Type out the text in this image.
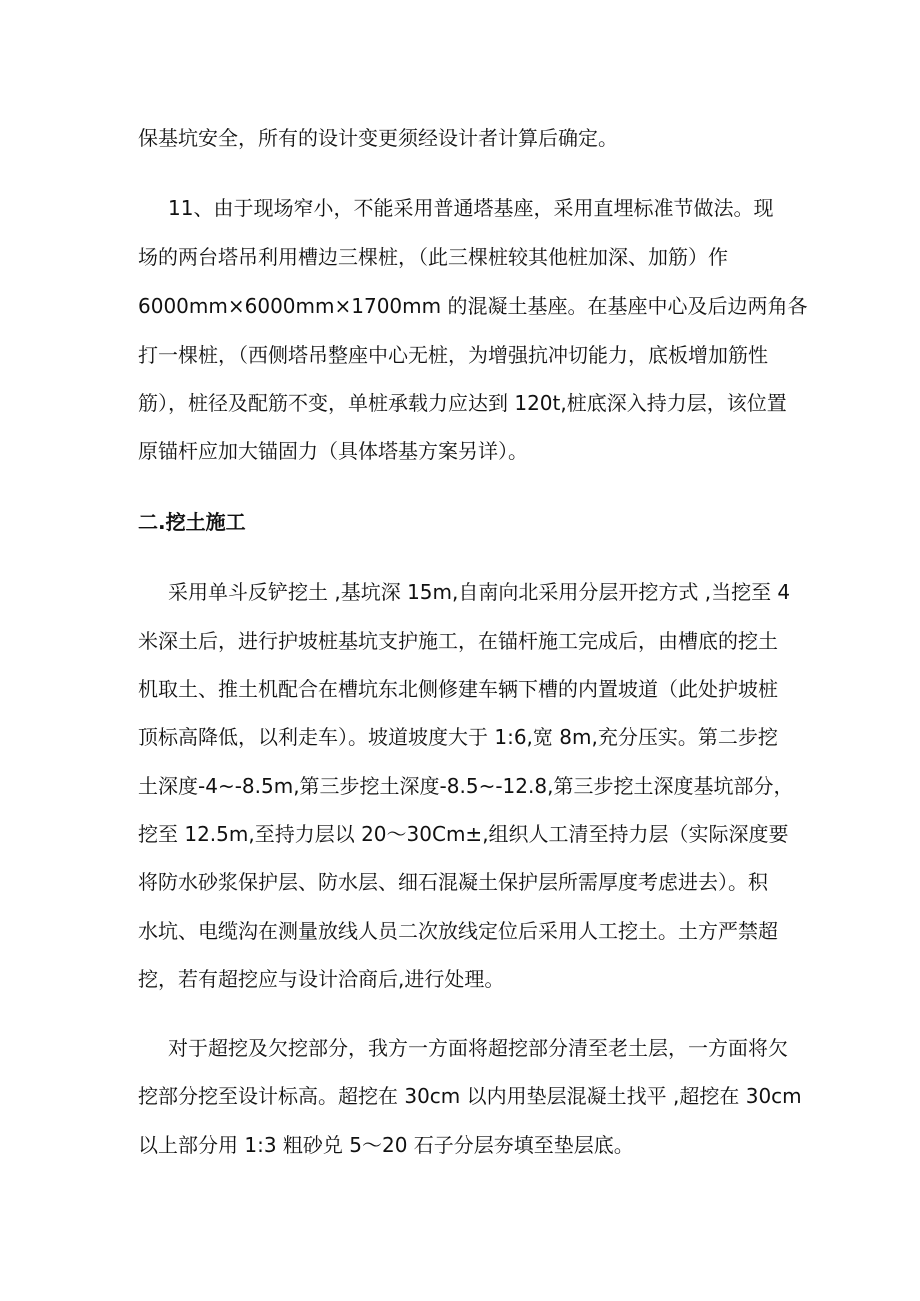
保基坑安全，所有的设计变更须经设计者计算后确定。
11、由于现场窄小，不能采用普通塔基座，采用直埋标准节做法。现
场的两台塔吊利用槽边三棵桩，（此三棵桩较其他桩加深、加筋）作
6000mm×6000mm×1700mm 的混凝土基座。在基座中心及后边两角各
打一棵桩，（西侧塔吊整座中心无桩，为增强抗冲切能力，底板增加筋性
筋），桩径及配筋不变，单桩承载力应达到 120t,桩底深入持力层，该位置
原锚杆应加大锚固力（具体塔基方案另详）。
二.挖土施工
采用单斗反铲挖土 ,基坑深 15m,自南向北采用分层开挖方式 ,当挖至 4
米深土后，进行护坡桩基坑支护施工，在锚杆施工完成后，由槽底的挖土
机取土、推土机配合在槽坑东北侧修建车辆下槽的内置坡道（此处护坡桩
顶标高降低，以利走车）。坡道坡度大于 1:6,宽 8m,充分压实。第二步挖
土深度-4~-8.5m,第三步挖土深度-8.5~-12.8,第三步挖土深度基坑部分，
挖至 12.5m,至持力层以 20～30Cm±,组织人工清至持力层（实际深度要
将防水砂浆保护层、防水层、细石混凝土保护层所需厚度考虑进去）。积
水坑、电缆沟在测量放线人员二次放线定位后采用人工挖土。土方严禁超
挖，若有超挖应与设计洽商后,进行处理。
对于超挖及欠挖部分，我方一方面将超挖部分清至老土层，一方面将欠
挖部分挖至设计标高。超挖在 30cm 以内用垫层混凝土找平 ,超挖在 30cm
以上部分用 1:3 粗砂兑 5～20 石子分层夯填至垫层底。
